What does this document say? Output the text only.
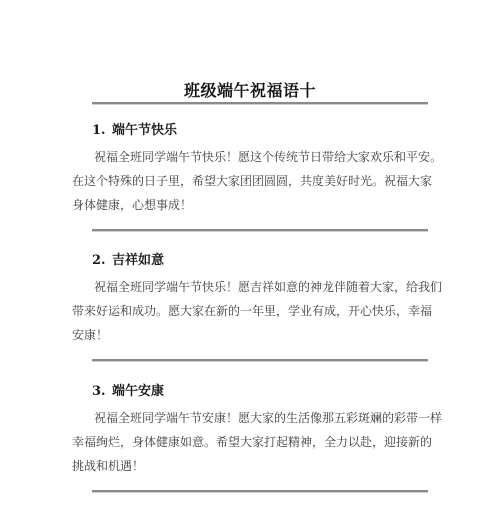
班级端午祝福语十
1. 端午节快乐
祝福全班同学端午节快乐！愿这个传统节日带给大家欢乐和平安。
在这个特殊的日子里，希望大家团团圆圆，共度美好时光。祝福大家
身体健康，心想事成！
2. 吉祥如意
祝福全班同学端午节快乐！愿吉祥如意的神龙伴随着大家，给我们
带来好运和成功。愿大家在新的一年里，学业有成，开心快乐，幸福
安康！
3. 端午安康
祝福全班同学端午节安康！愿大家的生活像那五彩斑斓的彩带一样
幸福绚烂，身体健康如意。希望大家打起精神，全力以赴，迎接新的
挑战和机遇！
